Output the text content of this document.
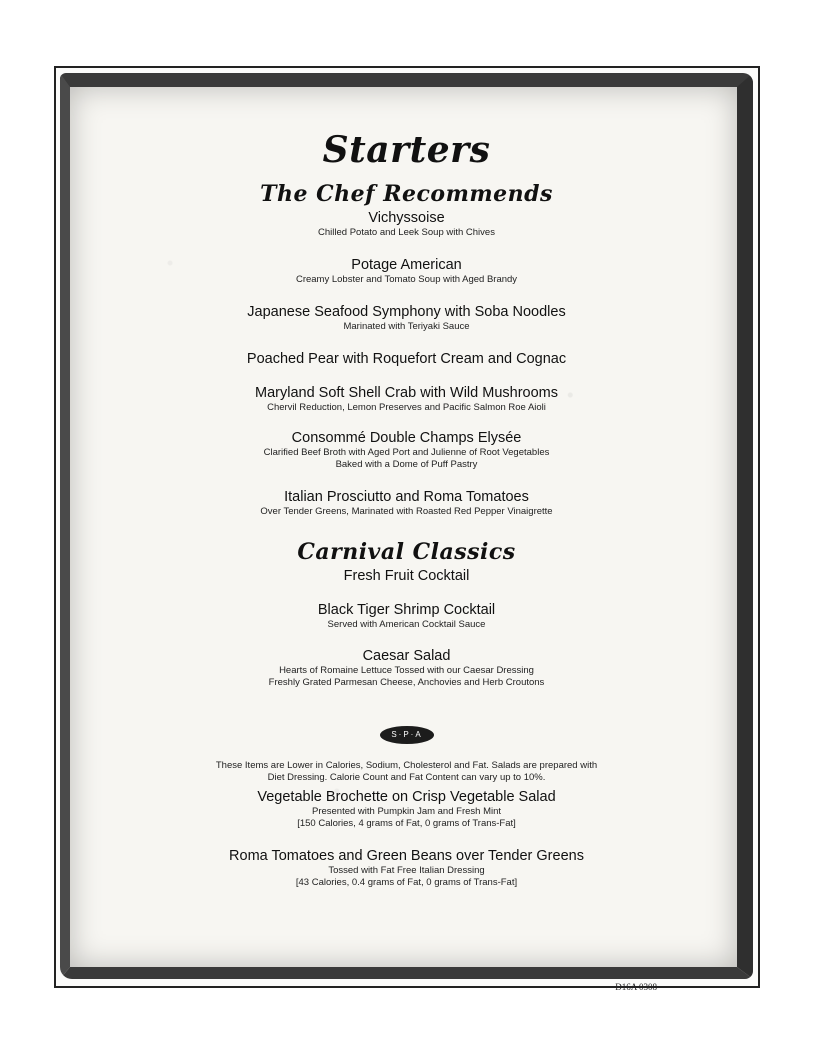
Starters
The Chef Recommends
Vichyssoise
Chilled Potato and Leek Soup with Chives
Potage American
Creamy Lobster and Tomato Soup with Aged Brandy
Japanese Seafood Symphony with Soba Noodles
Marinated with Teriyaki Sauce
Poached Pear with Roquefort Cream and Cognac
Maryland Soft Shell Crab with Wild Mushrooms
Chervil Reduction, Lemon Preserves and Pacific Salmon Roe Aioli
Consommé Double Champs Elysée
Clarified Beef Broth with Aged Port and Julienne of Root Vegetables
Baked with a Dome of Puff Pastry
Italian Prosciutto and Roma Tomatoes
Over Tender Greens, Marinated with Roasted Red Pepper Vinaigrette
Carnival Classics
Fresh Fruit Cocktail
Black Tiger Shrimp Cocktail
Served with American Cocktail Sauce
Caesar Salad
Hearts of Romaine Lettuce Tossed with our Caesar Dressing
Freshly Grated Parmesan Cheese, Anchovies and Herb Croutons
S·P·A
These Items are Lower in Calories, Sodium, Cholesterol and Fat. Salads are prepared with
Diet Dressing. Calorie Count and Fat Content can vary up to 10%.
Vegetable Brochette on Crisp Vegetable Salad
Presented with Pumpkin Jam and Fresh Mint
[150 Calories, 4 grams of Fat, 0 grams of Trans-Fat]
Roma Tomatoes and Green Beans over Tender Greens
Tossed with Fat Free Italian Dressing
[43 Calories, 0.4 grams of Fat, 0 grams of Trans-Fat]
D16A 0308
